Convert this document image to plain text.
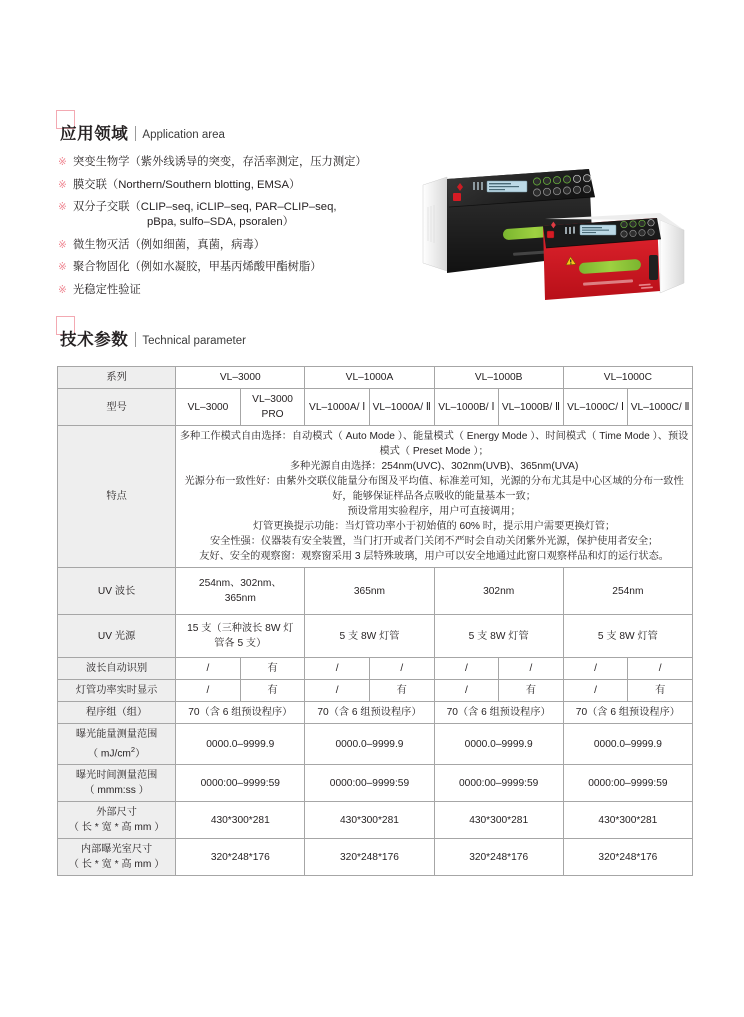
应用领域 Application area
※ 突变生物学（紫外线诱导的突变，存活率测定，压力测定）
※ 膜交联（Northern/Southern blotting, EMSA）
※ 双分子交联（CLIP‒seq, iCLIP‒seq, PAR‒CLIP‒seq,
pBpa, sulfo‒SDA, psoralen）
※ 微生物灭活（例如细菌，真菌，病毒）
※ 聚合物固化（例如水凝胶，甲基丙烯酸甲酯树脂）
※ 光稳定性验证
技术参数 Technical parameter
系列	VL‒3000		VL‒1000A		VL‒1000B		VL‒1000C	
型号	VL‒3000	VL‒3000 PRO	VL‒1000A/ Ⅰ	VL‒1000A/ Ⅱ	VL‒1000B/ Ⅰ	VL‒1000B/ Ⅱ	VL‒1000C/ Ⅰ	VL‒1000C/ Ⅱ
特点	
多种工作模式自由选择：自动模式（ Auto Mode ）、能量模式（ Energy Mode ）、时间模式（ Time Mode ）、预设模式（ Preset Mode ）；
多种光源自由选择：254nm(UVC)、302nm(UVB)、365nm(UVA)
光源分布一致性好：由紫外交联仪能量分布图及平均值、标准差可知，光源的分布尤其是中心区域的分布一致性好，能够保证样品各点吸收的能量基本一致；
预设常用实验程序，用户可直接调用；
灯管更换提示功能：当灯管功率小于初始值的 60% 时，提示用户需要更换灯管；
安全性强：仪器装有安全装置，当门打开或者门关闭不严时会自动关闭紫外光源，保护使用者安全；
友好、安全的观察窗：观察窗采用 3 层特殊玻璃，用户可以安全地通过此窗口观察样品和灯的运行状态。

UV 波长	254nm、302nm、365nm		365nm		302nm		254nm	
UV 光源	15 支（三种波长 8W 灯管各 5 支）		5 支 8W 灯管		5 支 8W 灯管		5 支 8W 灯管	
波长自动识别	/	有	/	/	/	/	/	/
灯管功率实时显示	/	有	/	有	/	有	/	有
程序组（组）	70（含 6 组预设程序）		70（含 6 组预设程序）		70（含 6 组预设程序）		70（含 6 组预设程序）	

曝光能量测量范围
（ $mJ/cm^2$）	0000.0‒9999.9		0000.0‒9999.9		0000.0‒9999.9		0000.0‒9999.9	

曝光时间测量范围
（ mmm:ss ）	0000:00‒9999:59		0000:00‒9999:59		0000:00‒9999:59		0000:00‒9999:59	

外部尺寸
（ 长 * 宽 * 高 mm ）	430*300*281		430*300*281		430*300*281		430*300*281	

内部曝光室尺寸
（ 长 * 宽 * 高 mm ）	320*248*176		320*248*176		320*248*176		320*248*176	
